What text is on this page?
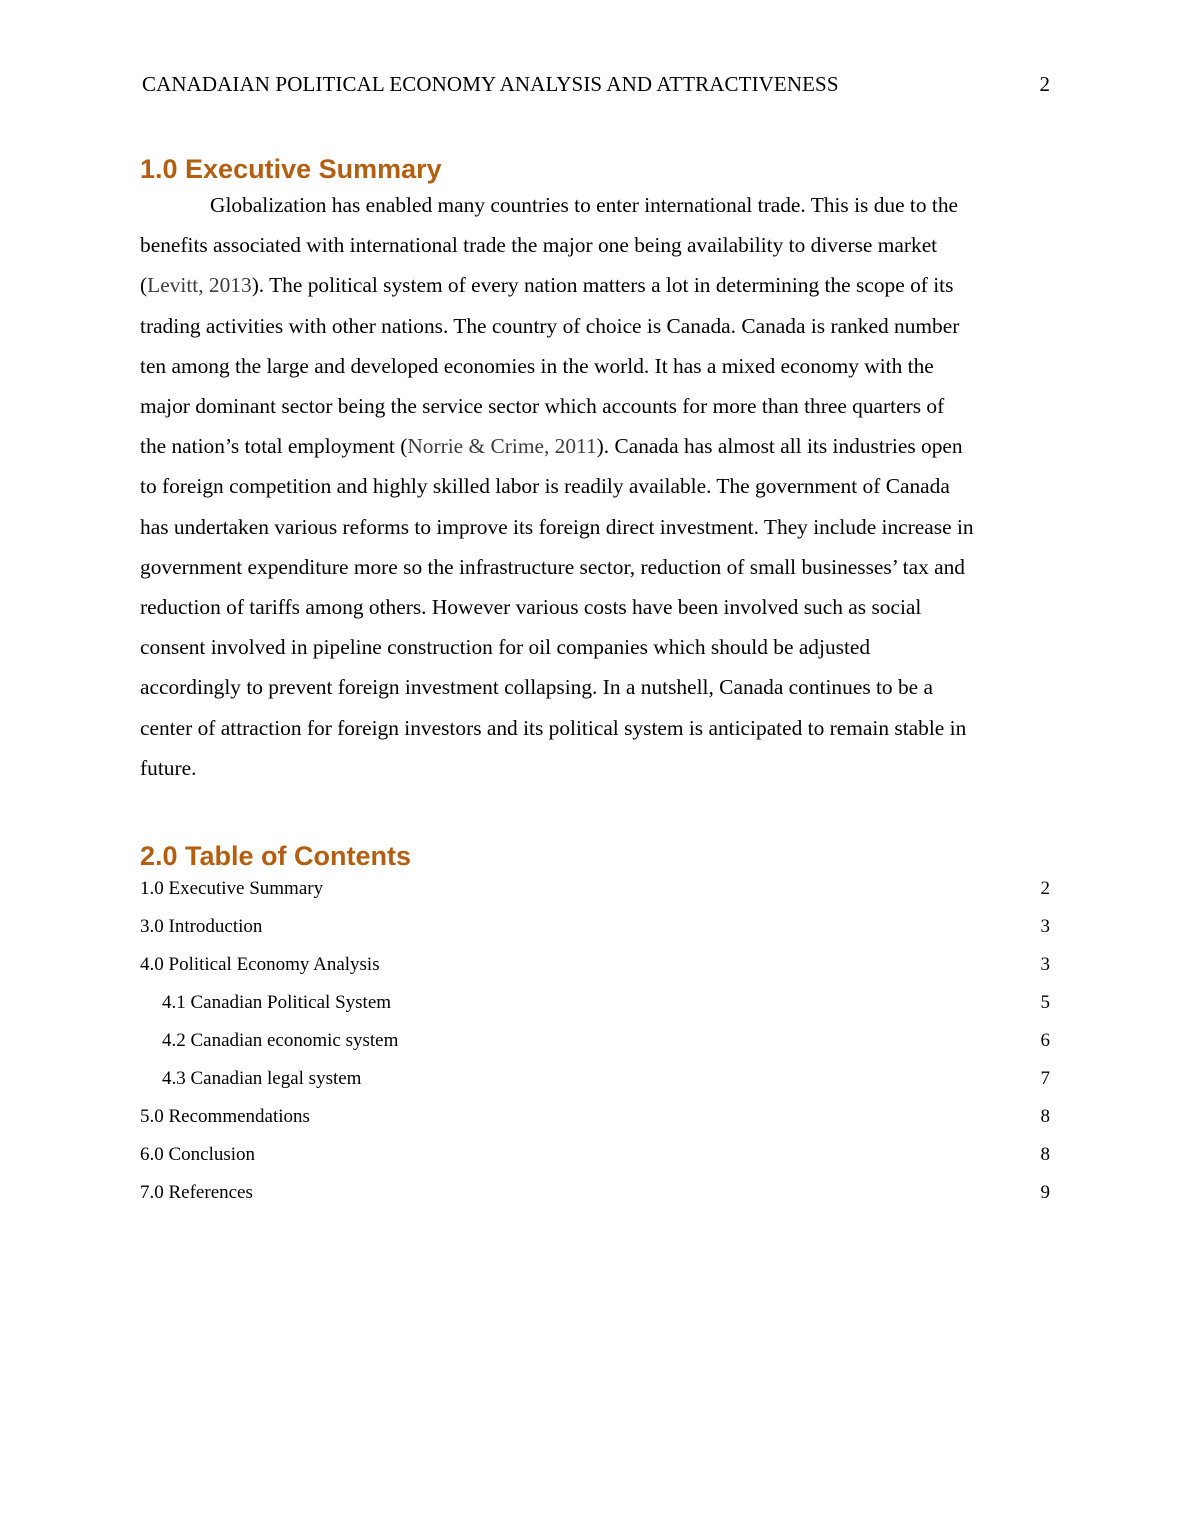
CANADAIAN POLITICAL ECONOMY ANALYSIS AND ATTRACTIVENESS	2
1.0 Executive Summary
Globalization has enabled many countries to enter international trade. This is due to the
benefits associated with international trade the major one being availability to diverse market
(Levitt, 2013). The political system of every nation matters a lot in determining the scope of its
trading activities with other nations. The country of choice is Canada. Canada is ranked number
ten among the large and developed economies in the world. It has a mixed economy with the
major dominant sector being the service sector which accounts for more than three quarters of
the nation’s total employment (Norrie & Crime, 2011). Canada has almost all its industries open
to foreign competition and highly skilled labor is readily available. The government of Canada
has undertaken various reforms to improve its foreign direct investment. They include increase in
government expenditure more so the infrastructure sector, reduction of small businesses’ tax and
reduction of tariffs among others. However various costs have been involved such as social
consent involved in pipeline construction for oil companies which should be adjusted
accordingly to prevent foreign investment collapsing. In a nutshell, Canada continues to be a
center of attraction for foreign investors and its political system is anticipated to remain stable in
future.
2.0 Table of Contents
1.0 Executive Summary	2
3.0 Introduction	3
4.0 Political Economy Analysis	3
4.1 Canadian Political System	5
4.2 Canadian economic system	6
4.3 Canadian legal system	7
5.0 Recommendations	8
6.0 Conclusion	8
7.0 References	9
